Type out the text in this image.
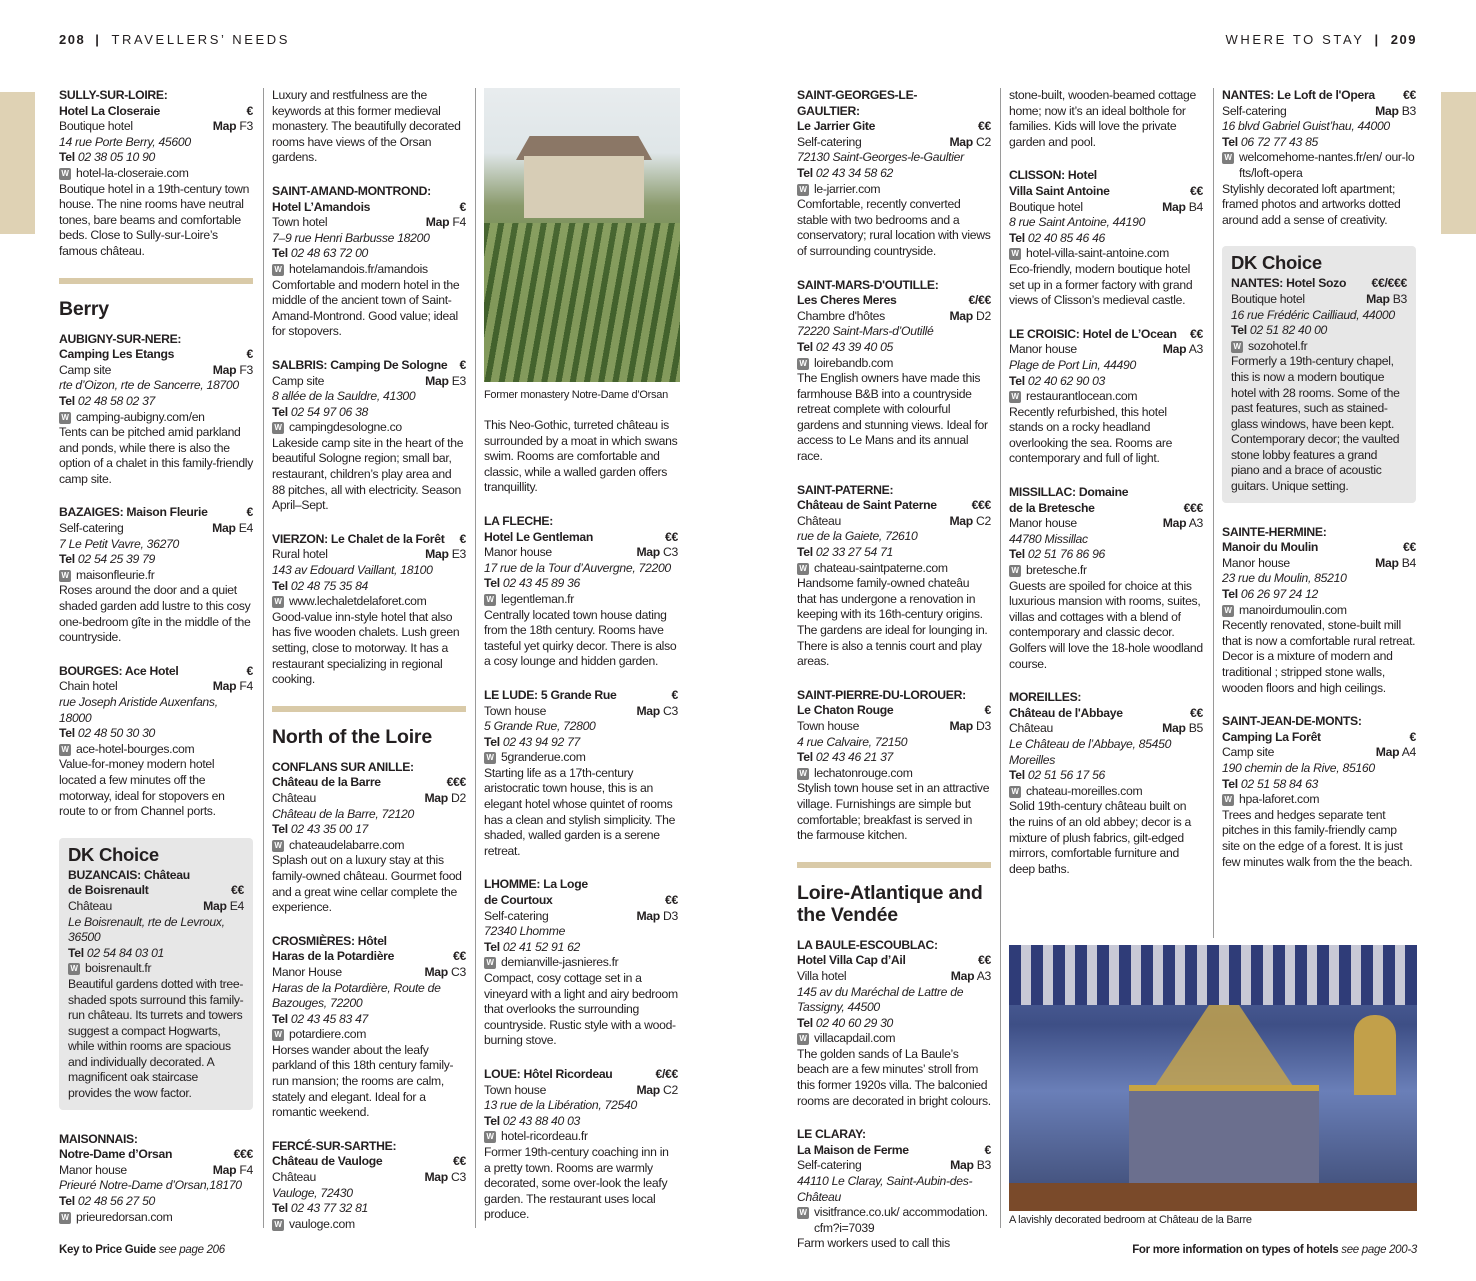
208 | TRAVELLERS’ NEEDS	WHERE TO STAY | 209
SULLY-SUR-LOIRE:
Hotel La Closeraie	€
Boutique hotel	Map F3
14 rue Porte Berry, 45600
Tel 02 38 05 10 90
W hotel-la-closeraie.com
Boutique hotel in a 19th-century town house. The nine rooms have neutral tones, bare beams and comfortable beds. Close to Sully-sur-Loire’s famous château.
Berry
AUBIGNY-SUR-NERE:
Camping Les Etangs	€
Camp site	Map F3
rte d’Oizon, rte de Sancerre, 18700
Tel 02 48 58 02 37
W camping-aubigny.com/en
Tents can be pitched amid parkland and ponds, while there is also the option of a chalet in this family-friendly camp site.
BAZAIGES: Maison Fleurie	€
Self-catering	Map E4
7 Le Petit Vavre, 36270
Tel 02 54 25 39 79
W maisonfleurie.fr
Roses around the door and a quiet shaded garden add lustre to this cosy one-bedroom gîte in the middle of the countryside.
BOURGES: Ace Hotel	€
Chain hotel	Map F4
rue Joseph Aristide Auxenfans, 18000
Tel 02 48 50 30 30
W ace-hotel-bourges.com
Value-for-money modern hotel located a few minutes off the motorway, ideal for stopovers en route to or from Channel ports.
DK Choice
BUZANCAIS: Château
de Boisrenault	€€
Château	Map E4
Le Boisrenault, rte de Levroux, 36500
Tel 02 54 84 03 01
W boisrenault.fr
Beautiful gardens dotted with tree-shaded spots surround this family-run château. Its turrets and towers suggest a compact Hogwarts, while within rooms are spacious and individually decorated. A magnificent oak staircase provides the wow factor.
MAISONNAIS:
Notre-Dame d’Orsan	€€€
Manor house	Map F4
Prieuré Notre-Dame d’Orsan,18170
Tel 02 48 56 27 50
W prieuredorsan.com
Luxury and restfulness are the keywords at this former medieval monastery. The beautifully decorated rooms have views of the Orsan gardens.
SAINT-AMAND-MONTROND:
Hotel L’Amandois	€
Town hotel	Map F4
7–9 rue Henri Barbusse 18200
Tel 02 48 63 72 00
W hotelamandois.fr/amandois
Comfortable and modern hotel in the middle of the ancient town of Saint-Amand-Montrond. Good value; ideal for stopovers.
SALBRIS: Camping De Sologne €
Camp site	Map E3
8 allée de la Sauldre, 41300
Tel 02 54 97 06 38
W campingdesologne.co
Lakeside camp site in the heart of the beautiful Sologne region; small bar, restaurant, children’s play area and 88 pitches, all with electricity. Season April–Sept.
VIERZON: Le Chalet de la Forêt	€
Rural hotel	Map E3
143 av Edouard Vaillant, 18100
Tel 02 48 75 35 84
W www.lechaletdelaforet.com
Good-value inn-style hotel that also has five wooden chalets. Lush green setting, close to motorway. It has a restaurant specializing in regional cooking.
North of the Loire
CONFLANS SUR ANILLE:
Château de la Barre	€€€
Château	Map D2
Château de la Barre, 72120
Tel 02 43 35 00 17
W chateaudelabarre.com
Splash out on a luxury stay at this family-owned château. Gourmet food and a great wine cellar complete the experience.
CROSMIÈRES: Hôtel
Haras de la Potardière	€€
Manor House	Map C3
Haras de la Potardière, Route de Bazouges, 72200
Tel 02 43 45 83 47
W potardiere.com
Horses wander about the leafy parkland of this 18th century family-run mansion; the rooms are calm, stately and elegant. Ideal for a romantic weekend.
FERCÉ-SUR-SARTHE:
Château de Vauloge	€€
Château	Map C3
Vauloge, 72430
Tel 02 43 77 32 81
W vauloge.com
Former monastery Notre-Dame d’Orsan
This Neo-Gothic, turreted château is surrounded by a moat in which swans swim. Rooms are comfortable and classic, while a walled garden offers tranquillity.
LA FLECHE:
Hotel Le Gentleman	€€
Manor house	Map C3
17 rue de la Tour d’Auvergne, 72200
Tel 02 43 45 89 36
W legentleman.fr
Centrally located town house dating from the 18th century. Rooms have tasteful yet quirky decor. There is also a cosy lounge and hidden garden.
LE LUDE: 5 Grande Rue	€
Town house	Map C3
5 Grande Rue, 72800
Tel 02 43 94 92 77
W 5granderue.com
Starting life as a 17th-century aristocratic town house, this is an elegant hotel whose quintet of rooms has a clean and stylish simplicity. The shaded, walled garden is a serene retreat.
LHOMME: La Loge
de Courtoux	€€
Self-catering	Map D3
72340 Lhomme
Tel 02 41 52 91 62
W demianville-jasnieres.fr
Compact, cosy cottage set in a vineyard with a light and airy bedroom that overlooks the surrounding countryside. Rustic style with a wood-burning stove.
LOUE: Hôtel Ricordeau	€/€€
Town house	Map C2
13 rue de la Libération, 72540
Tel 02 43 88 40 03
W hotel-ricordeau.fr
Former 19th-century coaching inn in a pretty town. Rooms are warmly decorated, some over-look the leafy garden. The restaurant uses local produce.
SAINT-GEORGES-LE-GAULTIER:
Le Jarrier Gite	€€
Self-catering	Map C2
72130 Saint-Georges-le-Gaultier
Tel 02 43 34 58 62
W le-jarrier.com
Comfortable, recently converted stable with two bedrooms and a conservatory; rural location with views of surrounding countryside.
SAINT-MARS-D'OUTILLE:
Les Cheres Meres	€/€€
Chambre d'hôtes	Map D2
72220 Saint-Mars-d’Outillé
Tel 02 43 39 40 05
W loirebandb.com
The English owners have made this farmhouse B&B into a countryside retreat complete with colourful gardens and stunning views. Ideal for access to Le Mans and its annual race.
SAINT-PATERNE:
Château de Saint Paterne	€€€
Château	Map C2
rue de la Gaiete, 72610
Tel 02 33 27 54 71
W chateau-saintpaterne.com
Handsome family-owned chateâu that has undergone a renovation in keeping with its 16th-century origins. The gardens are ideal for lounging in. There is also a tennis court and play areas.
SAINT-PIERRE-DU-LOROUER:
Le Chaton Rouge	€
Town house	Map D3
4 rue Calvaire, 72150
Tel 02 43 46 21 37
W lechatonrouge.com
Stylish town house set in an attractive village. Furnishings are simple but comfortable; breakfast is served in the farmouse kitchen.
Loire-Atlantique and
the Vendée
LA BAULE-ESCOUBLAC:
Hotel Villa Cap d’Ail	€€
Villa hotel	Map A3
145 av du Maréchal de Lattre de Tassigny, 44500
Tel 02 40 60 29 30
W villacapdail.com
The golden sands of La Baule’s beach are a few minutes’ stroll from this former 1920s villa. The balconied rooms are decorated in bright colours.
LE CLARAY:
La Maison de Ferme	€
Self-catering	Map B3
44110 Le Claray, Saint-Aubin-des-Château
W visitfrance.co.uk/ accommodation.cfm?i=7039
Farm workers used to call this
stone-built, wooden-beamed cottage home; now it’s an ideal bolthole for families. Kids will love the private garden and pool.
CLISSON: Hotel
Villa Saint Antoine	€€
Boutique hotel	Map B4
8 rue Saint Antoine, 44190
Tel 02 40 85 46 46
W hotel-villa-saint-antoine.com
Eco-friendly, modern boutique hotel set up in a former factory with grand views of Clisson’s medieval castle.
LE CROISIC: Hotel de L’Ocean	€€
Manor house	Map A3
Plage de Port Lin, 44490
Tel 02 40 62 90 03
W restaurantlocean.com
Recently refurbished, this hotel stands on a rocky headland overlooking the sea. Rooms are contemporary and full of light.
MISSILLAC: Domaine
de la Bretesche	€€€
Manor house	Map A3
44780 Missillac
Tel 02 51 76 86 96
W bretesche.fr
Guests are spoiled for choice at this luxurious mansion with rooms, suites, villas and cottages with a blend of contemporary and classic decor. Golfers will love the 18-hole woodland course.
MOREILLES:
Château de l'Abbaye	€€
Château	Map B5
Le Château de l’Abbaye, 85450 Moreilles
Tel 02 51 56 17 56
W chateau-moreilles.com
Solid 19th-century château built on the ruins of an old abbey; decor is a mixture of plush fabrics, gilt-edged mirrors, comfortable furniture and deep baths.
NANTES: Le Loft de l'Opera	€€
Self-catering	Map B3
16 blvd Gabriel Guist’hau, 44000
Tel 06 72 77 43 85
W welcomehome-nantes.fr/en/ our-lofts/loft-opera
Stylishly decorated loft apartment; framed photos and artworks dotted around add a sense of creativity.
DK Choice
NANTES: Hotel Sozo	€€/€€€
Boutique hotel	Map B3
16 rue Frédéric Cailliaud, 44000
Tel 02 51 82 40 00
W sozohotel.fr
Formerly a 19th-century chapel, this is now a modern boutique hotel with 28 rooms. Some of the past features, such as stained-glass windows, have been kept. Contemporary decor; the vaulted stone lobby features a grand piano and a brace of acoustic guitars. Unique setting.
SAINTE-HERMINE:
Manoir du Moulin	€€
Manor house	Map B4
23 rue du Moulin, 85210
Tel 06 26 97 24 12
W manoirdumoulin.com
Recently renovated, stone-built mill that is now a comfortable rural retreat. Decor is a mixture of modern and traditional ; stripped stone walls, wooden floors and high ceilings.
SAINT-JEAN-DE-MONTS:
Camping La Forêt	€
Camp site	Map A4
190 chemin de la Rive, 85160
Tel 02 51 58 84 63
W hpa-laforet.com
Trees and hedges separate tent pitches in this family-friendly camp site on the edge of a forest. It is just few minutes walk from the the beach.
A lavishly decorated bedroom at Château de la Barre
Key to Price Guide see page 206	For more information on types of hotels see page 200-3
